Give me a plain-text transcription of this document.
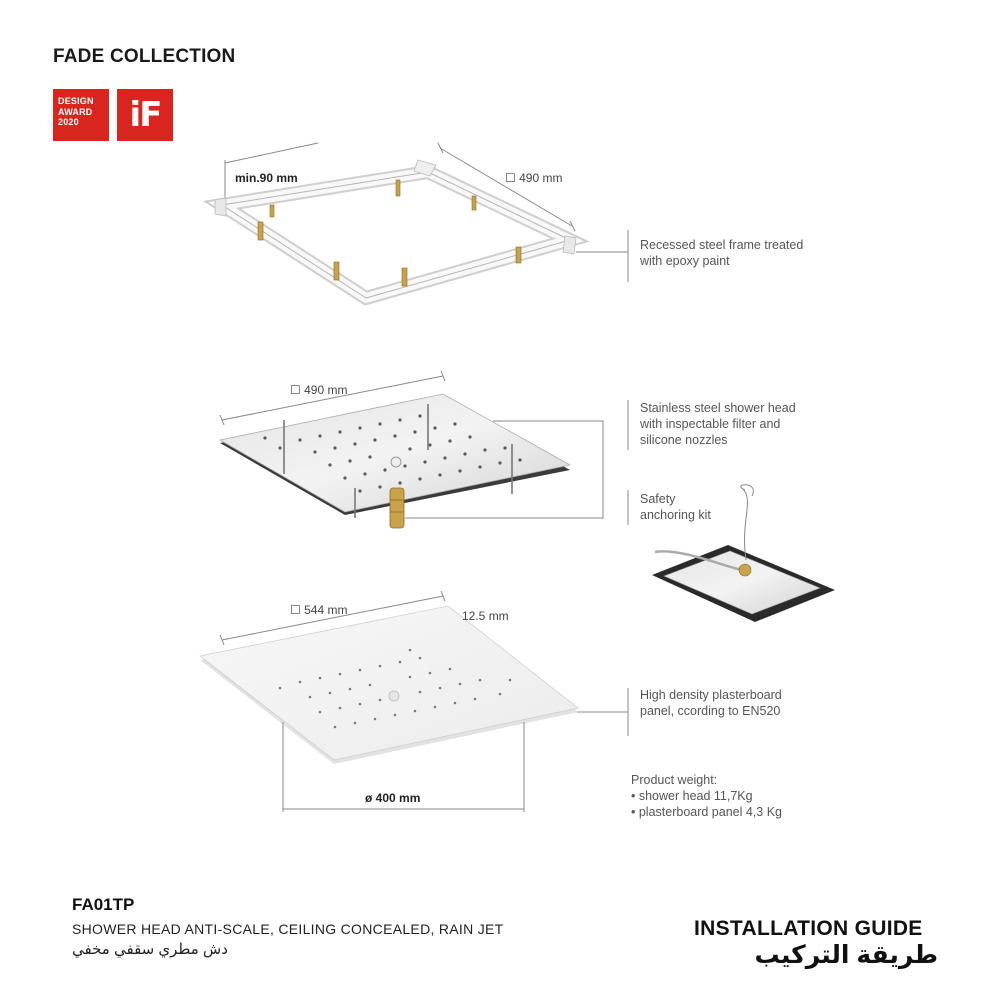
FADE COLLECTION
DESIGN AWARD 2020	iF
min.90 mm	☐ 490 mm
Recessed steel frame treated with epoxy paint
☐ 490 mm
Stainless steel shower head with inspectable filter and silicone nozzles
Safety anchoring kit
☐ 544 mm	12.5 mm
ø 400 mm
High density plasterboard panel, ccording to EN520
Product weight:
• shower head 11,7Kg
• plasterboard panel 4,3 Kg
FA01TP
SHOWER HEAD ANTI-SCALE, CEILING CONCEALED, RAIN JET
دش مطري سقفي مخفي
INSTALLATION GUIDE
طريقة التركيب
